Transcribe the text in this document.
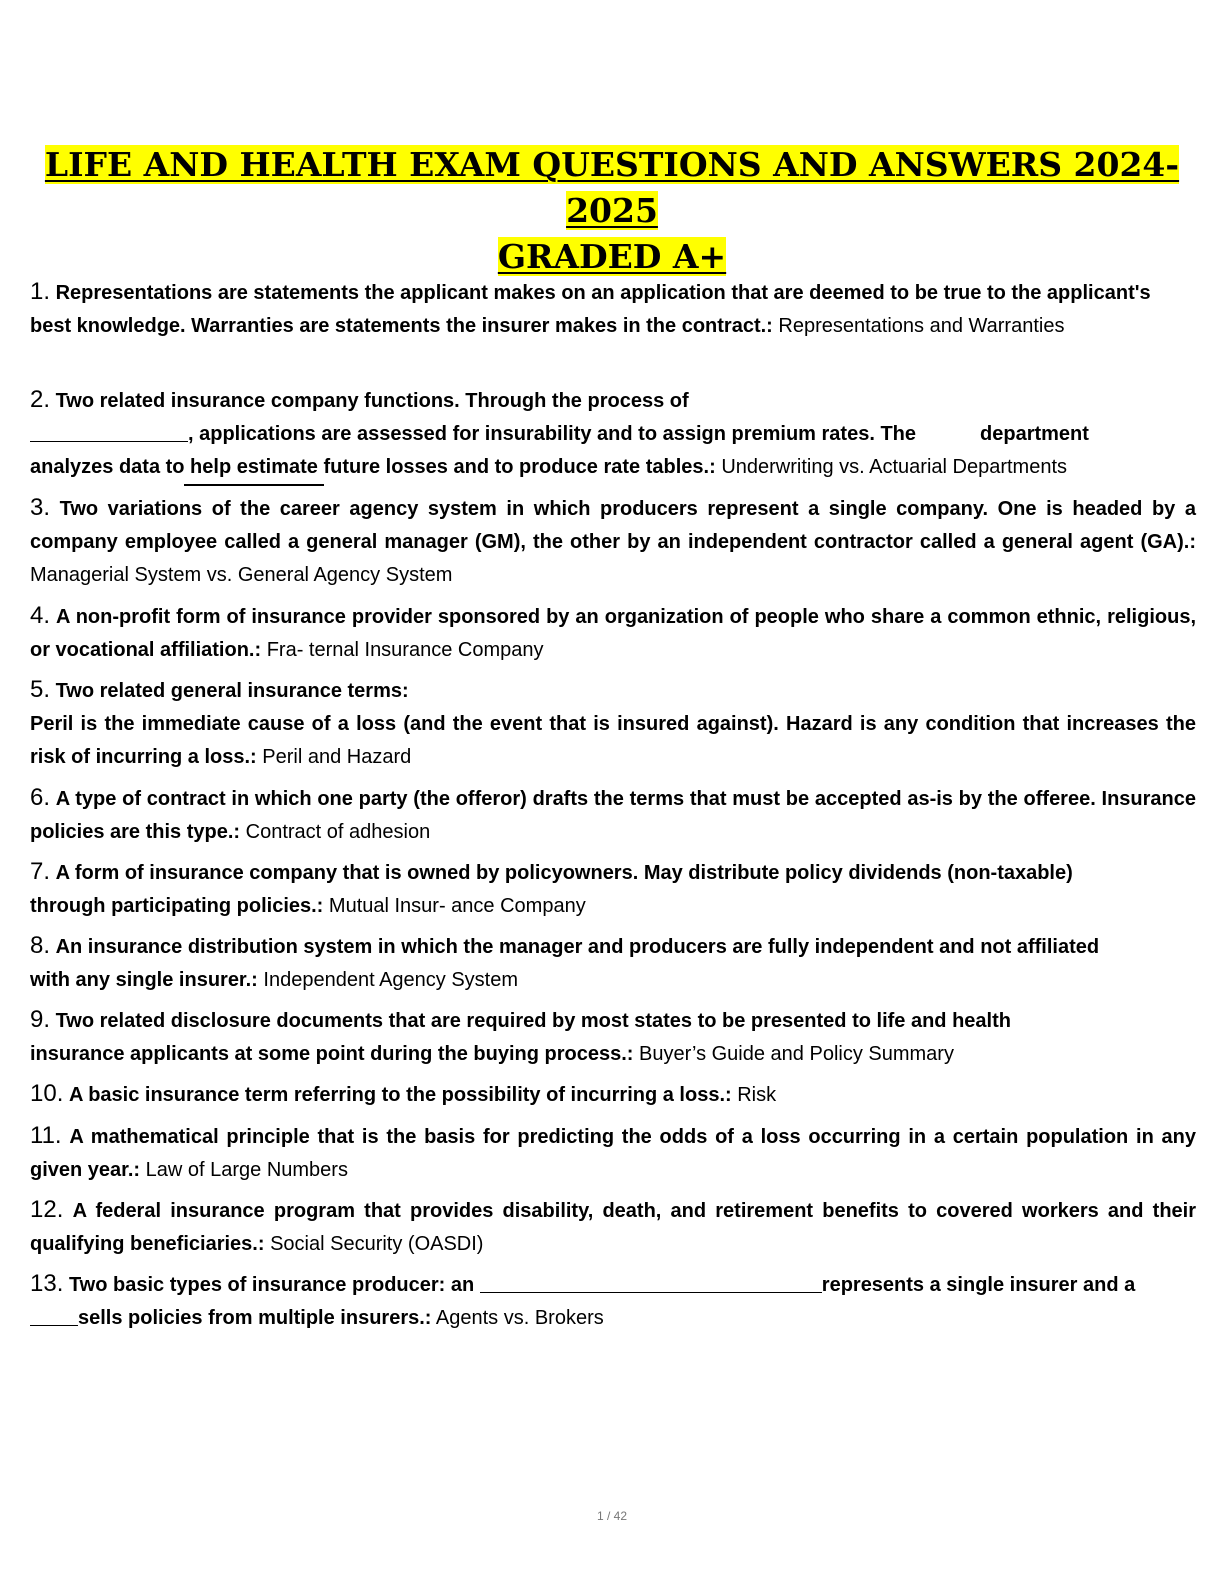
LIFE AND HEALTH EXAM QUESTIONS AND ANSWERS 2024-2025
GRADED A+
1. Representations are statements the applicant makes on an application that are deemed to be true to the applicant's best knowledge. Warranties are statements the insurer makes in the contract.: Representations and Warranties
2. Two related insurance company functions. Through the process of
, applications are assessed for insurability and to assign premium rates. The	department
analyzes data to help estimate future losses and to produce rate tables.: Underwriting vs. Actuarial Departments
3. Two variations of the career agency system in which producers represent a single company. One is headed by a company employee called a general manager (GM), the other by an independent contractor called a general agent (GA).: Managerial System vs. General Agency System
4. A non-profit form of insurance provider sponsored by an organization of people who share a common ethnic, religious, or vocational affiliation.: Fra- ternal Insurance Company
5. Two related general insurance terms:
Peril is the immediate cause of a loss (and the event that is insured against). Hazard is any condition that increases the risk of incurring a loss.: Peril and Hazard
6. A type of contract in which one party (the offeror) drafts the terms that must be accepted as-is by the offeree. Insurance policies are this type.: Contract of adhesion
7. A form of insurance company that is owned by policyowners. May distribute policy dividends (non-taxable)
through participating policies.: Mutual Insur- ance Company
8. An insurance distribution system in which the manager and producers are fully independent and not affiliated
with any single insurer.: Independent Agency System
9. Two related disclosure documents that are required by most states to be presented to life and health
insurance applicants at some point during the buying process.: Buyer’s Guide and Policy Summary
10. A basic insurance term referring to the possibility of incurring a loss.: Risk
11. A mathematical principle that is the basis for predicting the odds of a loss occurring in a certain population in any given year.: Law of Large Numbers
12. A federal insurance program that provides disability, death, and retirement benefits to covered workers and their qualifying beneficiaries.: Social Security (OASDI)
13. Two basic types of insurance producer: an	represents a single insurer and a
sells policies from multiple insurers.: Agents vs. Brokers
1 / 42
